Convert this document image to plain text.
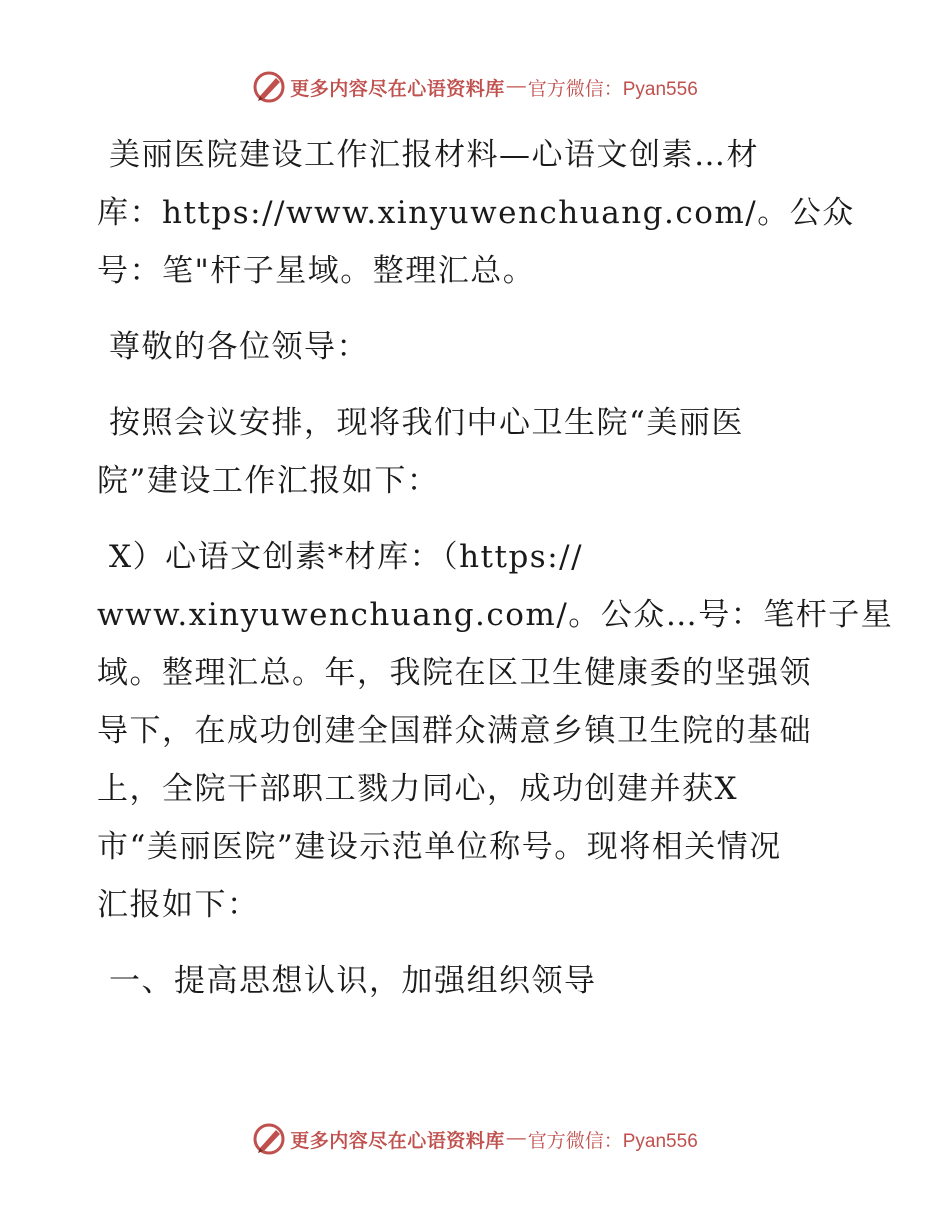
更多内容尽在心语资料库 — 官方微信：Pyan556

美丽医院建设工作汇报材料—心语文创素…材
库：https://www.xinyuwenchuang.com/。公众
号：笔"杆子星域。整理汇总。

尊敬的各位领导：

按照会议安排，现将我们中心卫生院“美丽医
院”建设工作汇报如下：

X）心语文创素*材库：（https://
www.xinyuwenchuang.com/。公众…号：笔杆子星
域。整理汇总。年，我院在区卫生健康委的坚强领
导下，在成功创建全国群众满意乡镇卫生院的基础
上，全院干部职工戮力同心，成功创建并获X
市“美丽医院”建设示范单位称号。现将相关情况
汇报如下：

一、提高思想认识，加强组织领导

更多内容尽在心语资料库 — 官方微信：Pyan556
